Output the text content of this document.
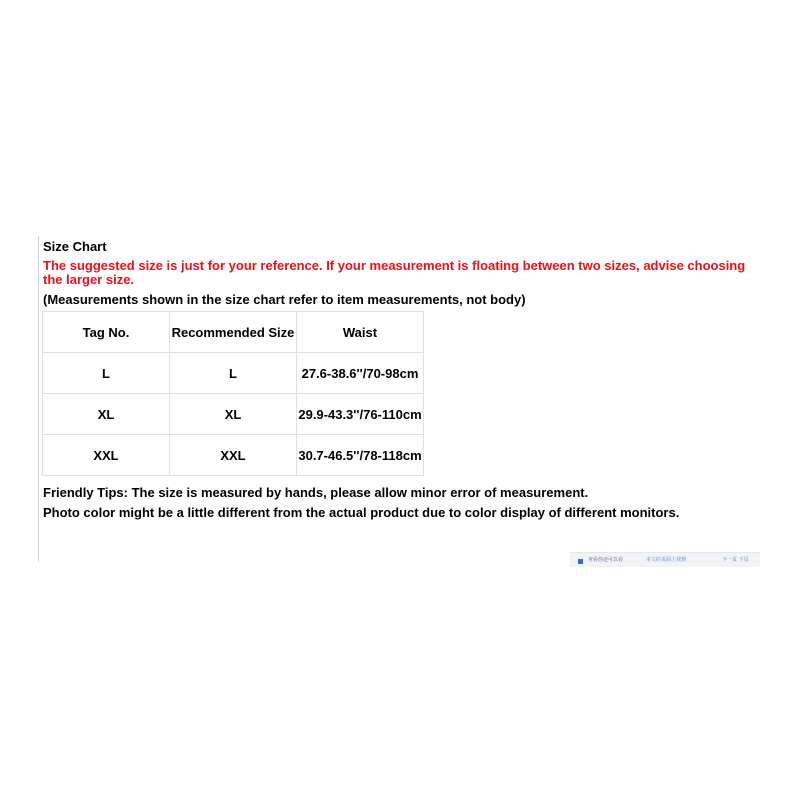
Size Chart
The suggested size is just for your reference. If your measurement is floating between two sizes, advise choosing the larger size.
(Measurements shown in the size chart refer to item measurements, not body)
Tag No.	Recommended Size	Waist
L	L	27.6-38.6''/70-98cm
XL	XL	29.9-43.3''/76-110cm
XXL	XXL	30.7-46.5''/78-118cm
Friendly Tips: The size is measured by hands, please allow minor error of measurement.
Photo color might be a little different from the actual product due to color display of different monitors.
查看你还可以看	本文的页面上找到	下一页 下页
